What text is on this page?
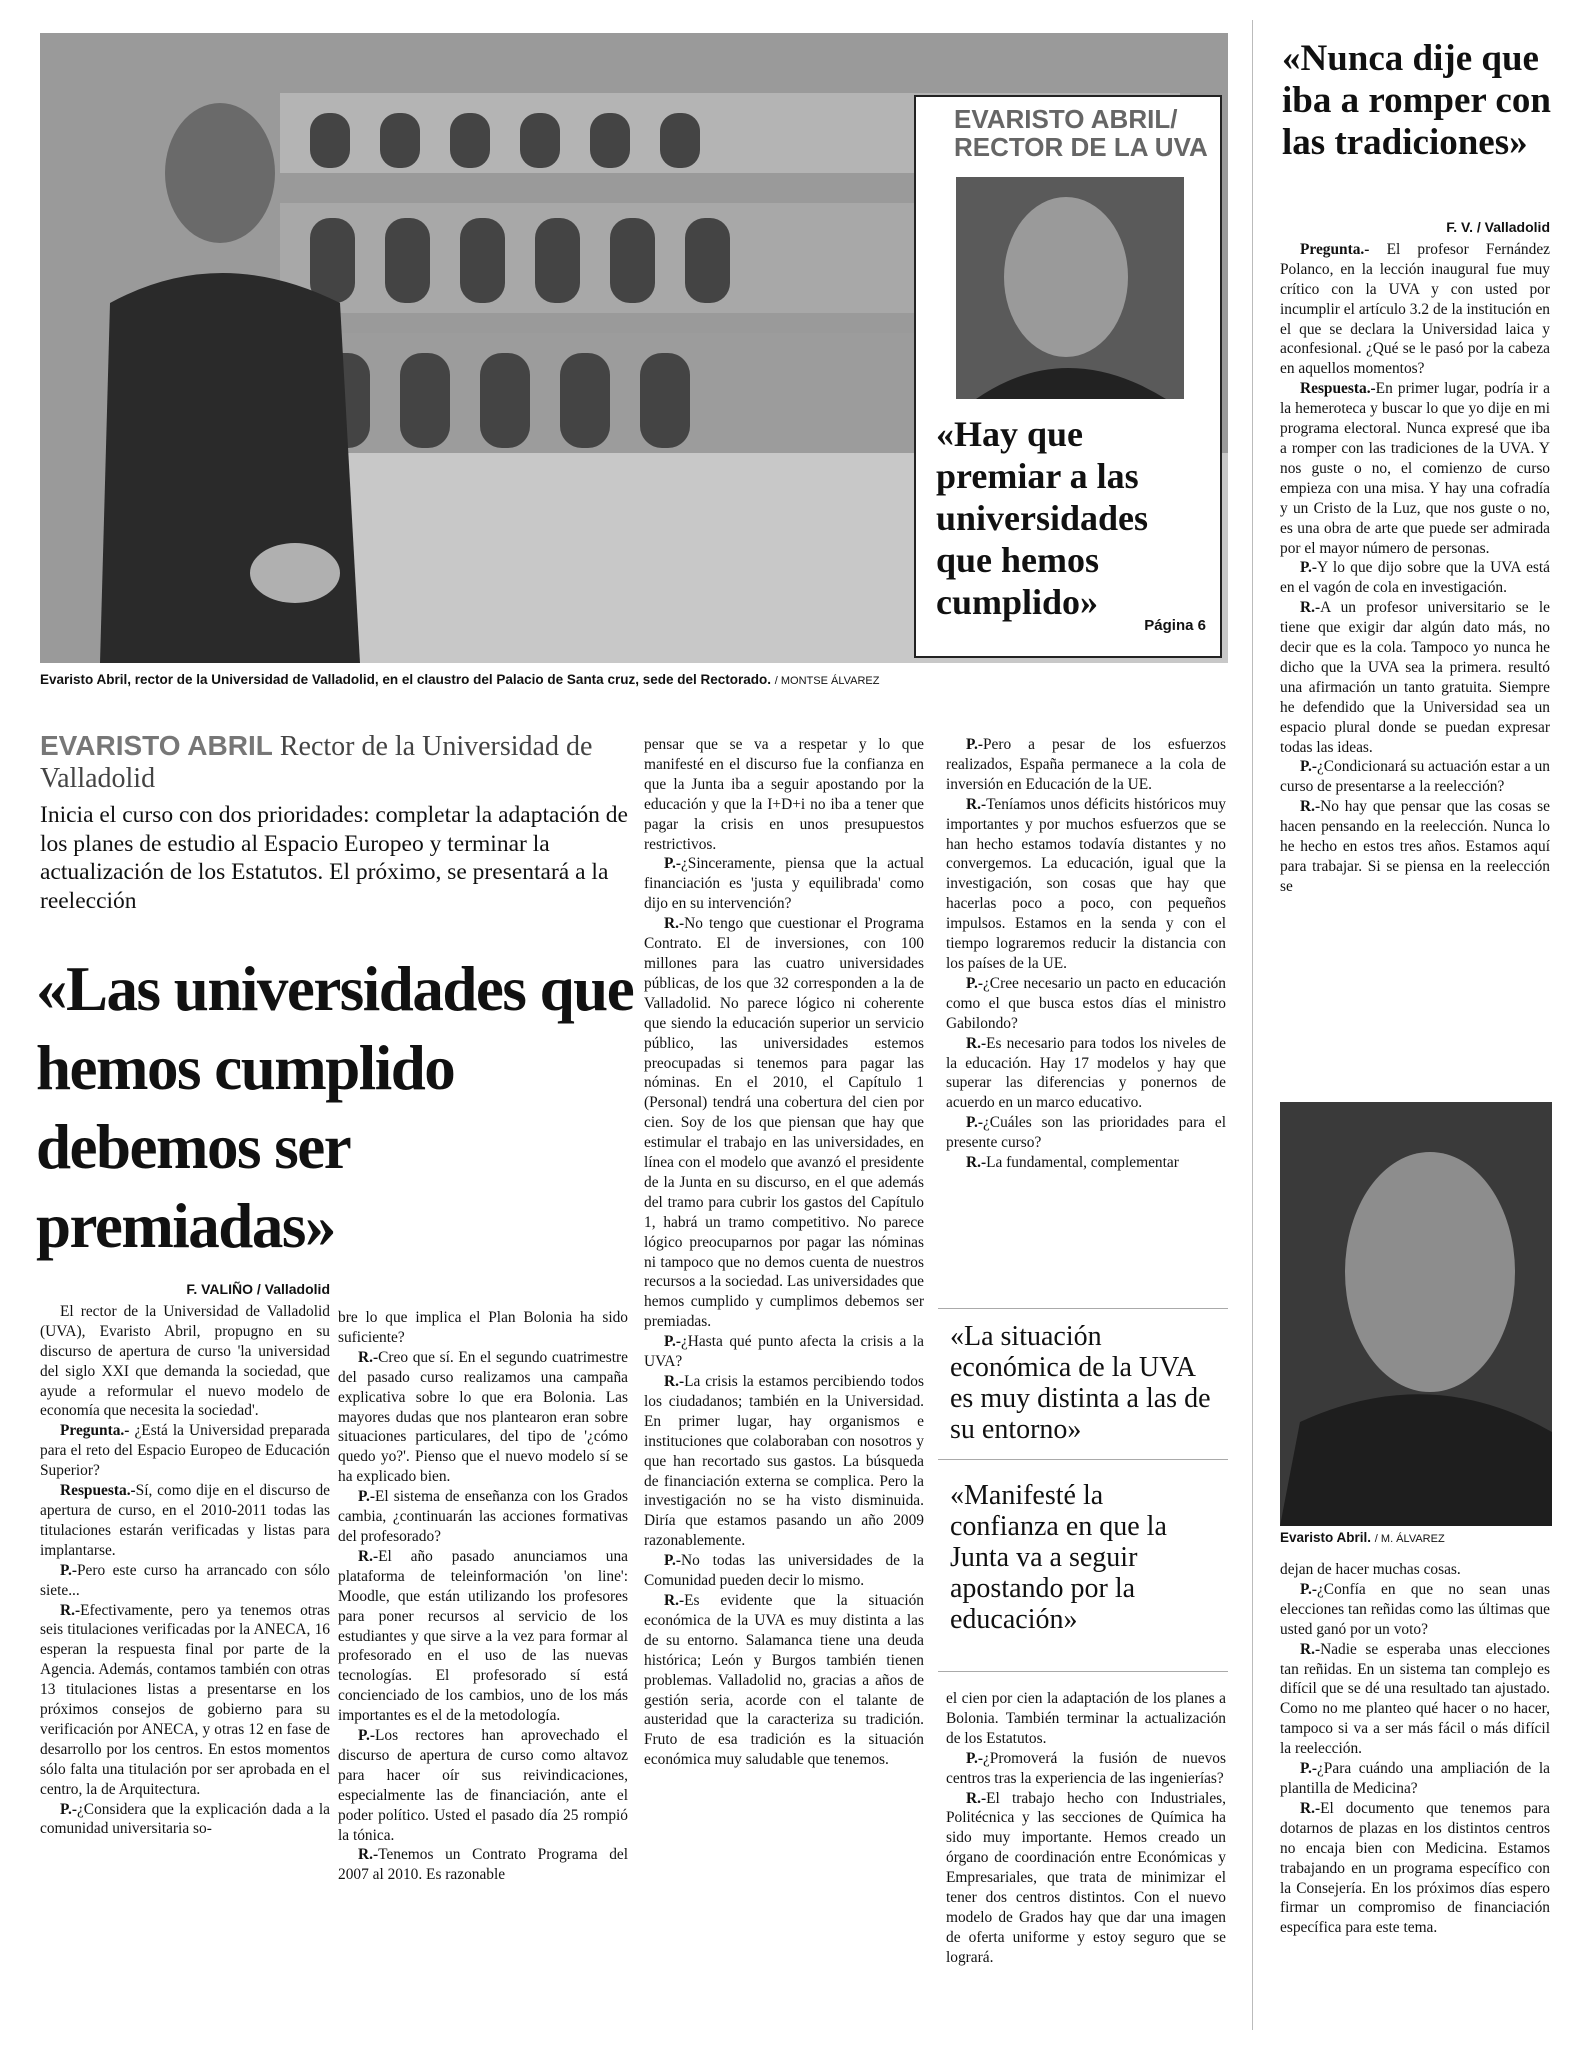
EVARISTO ABRIL/ RECTOR DE LA UVA
«Hay que premiar a las universidades que hemos cumplido»
Página 6
Evaristo Abril, rector de la Universidad de Valladolid, en el claustro del Palacio de Santa cruz, sede del Rectorado. / MONTSE ÁLVAREZ
EVARISTO ABRIL Rector de la Universidad de Valladolid
Inicia el curso con dos prioridades: completar la adaptación de los planes de estudio al Espacio Europeo y terminar la actualización de los Estatutos. El próximo, se presentará a la reelección
«Las universidades que hemos cumplido debemos ser premiadas»
F. VALIÑO / Valladolid

El rector de la Universidad de Valladolid (UVA), Evaristo Abril, propugno en su discurso de apertura de curso 'la universidad del siglo XXI que demanda la sociedad, que ayude a reformular el nuevo modelo de economía que necesita la sociedad'.

Pregunta.- ¿Está la Universidad preparada para el reto del Espacio Europeo de Educación Superior?

Respuesta.-Sí, como dije en el discurso de apertura de curso, en el 2010-2011 todas las titulaciones estarán verificadas y listas para implantarse.

P.-Pero este curso ha arrancado con sólo siete...

R.-Efectivamente, pero ya tenemos otras seis titulaciones verificadas por la ANECA, 16 esperan la respuesta final por parte de la Agencia. Además, contamos también con otras 13 titulaciones listas a presentarse en los próximos consejos de gobierno para su verificación por ANECA, y otras 12 en fase de desarrollo por los centros. En estos momentos sólo falta una titulación por ser aprobada en el centro, la de Arquitectura.

P.-¿Considera que la explicación dada a la comunidad universitaria so-

bre lo que implica el Plan Bolonia ha sido suficiente?

R.-Creo que sí. En el segundo cuatrimestre del pasado curso realizamos una campaña explicativa sobre lo que era Bolonia. Las mayores dudas que nos plantearon eran sobre situaciones particulares, del tipo de '¿cómo quedo yo?'. Pienso que el nuevo modelo sí se ha explicado bien.

P.-El sistema de enseñanza con los Grados cambia, ¿continuarán las acciones formativas del profesorado?

R.-El año pasado anunciamos una plataforma de teleinformación 'on line': Moodle, que están utilizando los profesores para poner recursos al servicio de los estudiantes y que sirve a la vez para formar al profesorado en el uso de las nuevas tecnologías. El profesorado sí está concienciado de los cambios, uno de los más importantes es el de la metodología.

P.-Los rectores han aprovechado el discurso de apertura de curso como altavoz para hacer oír sus reivindicaciones, especialmente las de financiación, ante el poder político. Usted el pasado día 25 rompió la tónica.

R.-Tenemos un Contrato Programa del 2007 al 2010. Es razonable

pensar que se va a respetar y lo que manifesté en el discurso fue la confianza en que la Junta iba a seguir apostando por la educación y que la I+D+i no iba a tener que pagar la crisis en unos presupuestos restrictivos.

P.-¿Sinceramente, piensa que la actual financiación es 'justa y equilibrada' como dijo en su intervención?

R.-No tengo que cuestionar el Programa Contrato. El de inversiones, con 100 millones para las cuatro universidades públicas, de los que 32 corresponden a la de Valladolid. No parece lógico ni coherente que siendo la educación superior un servicio público, las universidades estemos preocupadas si tenemos para pagar las nóminas. En el 2010, el Capítulo 1 (Personal) tendrá una cobertura del cien por cien. Soy de los que piensan que hay que estimular el trabajo en las universidades, en línea con el modelo que avanzó el presidente de la Junta en su discurso, en el que además del tramo para cubrir los gastos del Capítulo 1, habrá un tramo competitivo. No parece lógico preocuparnos por pagar las nóminas ni tampoco que no demos cuenta de nuestros recursos a la sociedad. Las universidades que hemos cumplido y cumplimos debemos ser premiadas.

P.-¿Hasta qué punto afecta la crisis a la UVA?

R.-La crisis la estamos percibiendo todos los ciudadanos; también en la Universidad. En primer lugar, hay organismos e instituciones que colaboraban con nosotros y que han recortado sus gastos. La búsqueda de financiación externa se complica. Pero la investigación no se ha visto disminuida. Diría que estamos pasando un año 2009 razonablemente.

P.-No todas las universidades de la Comunidad pueden decir lo mismo.

R.-Es evidente que la situación económica de la UVA es muy distinta a las de su entorno. Salamanca tiene una deuda histórica; León y Burgos también tienen problemas. Valladolid no, gracias a años de gestión seria, acorde con el talante de austeridad que la caracteriza su tradición. Fruto de esa tradición es la situación económica muy saludable que tenemos.

P.-Pero a pesar de los esfuerzos realizados, España permanece a la cola de inversión en Educación de la UE.

R.-Teníamos unos déficits históricos muy importantes y por muchos esfuerzos que se han hecho estamos todavía distantes y no convergemos. La educación, igual que la investigación, son cosas que hay que hacerlas poco a poco, con pequeños impulsos. Estamos en la senda y con el tiempo lograremos reducir la distancia con los países de la UE.

P.-¿Cree necesario un pacto en educación como el que busca estos días el ministro Gabilondo?

R.-Es necesario para todos los niveles de la educación. Hay 17 modelos y hay que superar las diferencias y ponernos de acuerdo en un marco educativo.

P.-¿Cuáles son las prioridades para el presente curso?

R.-La fundamental, complementar

«La situación económica de la UVA es muy distinta a las de su entorno»
«Manifesté la confianza en que la Junta va a seguir apostando por la educación»

el cien por cien la adaptación de los planes a Bolonia. También terminar la actualización de los Estatutos.

P.-¿Promoverá la fusión de nuevos centros tras la experiencia de las ingenierías?

R.-El trabajo hecho con Industriales, Politécnica y las secciones de Química ha sido muy importante. Hemos creado un órgano de coordinación entre Económicas y Empresariales, que trata de minimizar el tener dos centros distintos. Con el nuevo modelo de Grados hay que dar una imagen de oferta uniforme y estoy seguro que se logrará.

«Nunca dije que iba a romper con las tradiciones»
F. V. / Valladolid

Pregunta.- El profesor Fernández Polanco, en la lección inaugural fue muy crítico con la UVA y con usted por incumplir el artículo 3.2 de la institución en el que se declara la Universidad laica y aconfesional. ¿Qué se le pasó por la cabeza en aquellos momentos?

Respuesta.-En primer lugar, podría ir a la hemeroteca y buscar lo que yo dije en mi programa electoral. Nunca expresé que iba a romper con las tradiciones de la UVA. Y nos guste o no, el comienzo de curso empieza con una misa. Y hay una cofradía y un Cristo de la Luz, que nos guste o no, es una obra de arte que puede ser admirada por el mayor número de personas.

P.-Y lo que dijo sobre que la UVA está en el vagón de cola en investigación.

R.-A un profesor universitario se le tiene que exigir dar algún dato más, no decir que es la cola. Tampoco yo nunca he dicho que la UVA sea la primera. resultó una afirmación un tanto gratuita. Siempre he defendido que la Universidad sea un espacio plural donde se puedan expresar todas las ideas.

P.-¿Condicionará su actuación estar a un curso de presentarse a la reelección?

R.-No hay que pensar que las cosas se hacen pensando en la reelección. Nunca lo he hecho en estos tres años. Estamos aquí para trabajar. Si se piensa en la reelección se

Evaristo Abril. / M. ÁLVAREZ

dejan de hacer muchas cosas.

P.-¿Confía en que no sean unas elecciones tan reñidas como las últimas que usted ganó por un voto?

R.-Nadie se esperaba unas elecciones tan reñidas. En un sistema tan complejo es difícil que se dé una resultado tan ajustado. Como no me planteo qué hacer o no hacer, tampoco si va a ser más fácil o más difícil la reelección.

P.-¿Para cuándo una ampliación de la plantilla de Medicina?

R.-El documento que tenemos para dotarnos de plazas en los distintos centros no encaja bien con Medicina. Estamos trabajando en un programa específico con la Consejería. En los próximos días espero firmar un compromiso de financiación específica para este tema.
